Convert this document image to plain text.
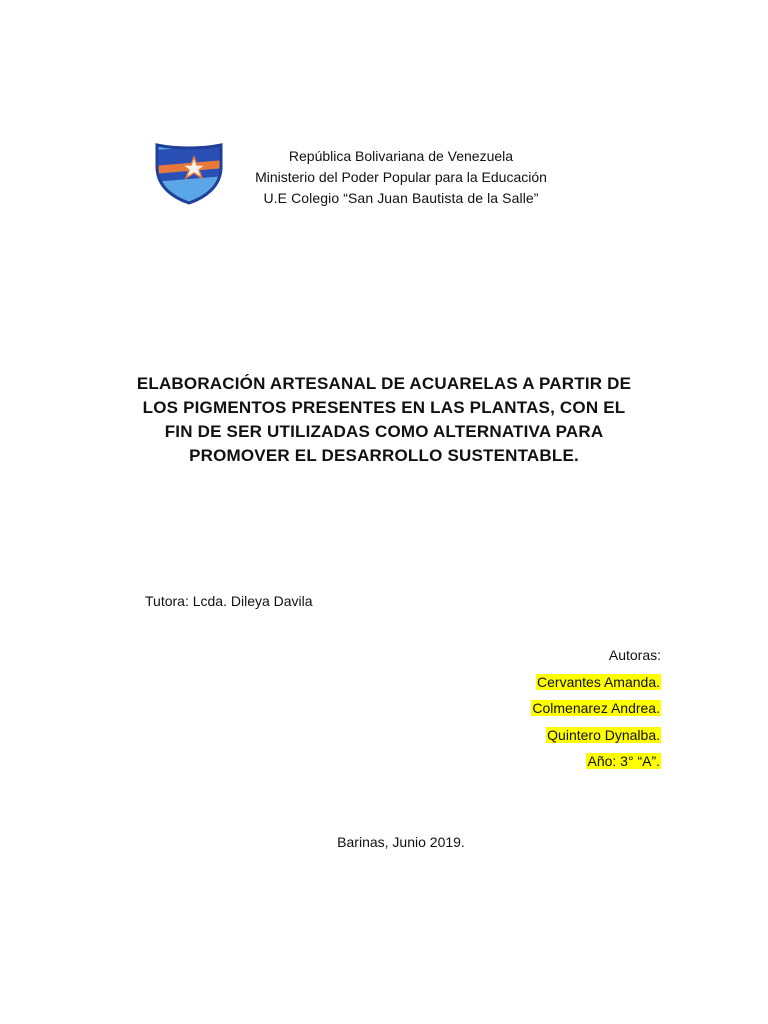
República Bolivariana de Venezuela
Ministerio del Poder Popular para la Educación
U.E Colegio “San Juan Bautista de la Salle”
ELABORACIÓN ARTESANAL DE ACUARELAS A PARTIR DE
LOS PIGMENTOS PRESENTES EN LAS PLANTAS, CON EL
FIN DE SER UTILIZADAS COMO ALTERNATIVA PARA
PROMOVER EL DESARROLLO SUSTENTABLE.
Tutora: Lcda. Dileya Davila
Autoras:
Cervantes Amanda.
Colmenarez Andrea.
Quintero Dynalba.
Año: 3° “A”.
Barinas, Junio 2019.
